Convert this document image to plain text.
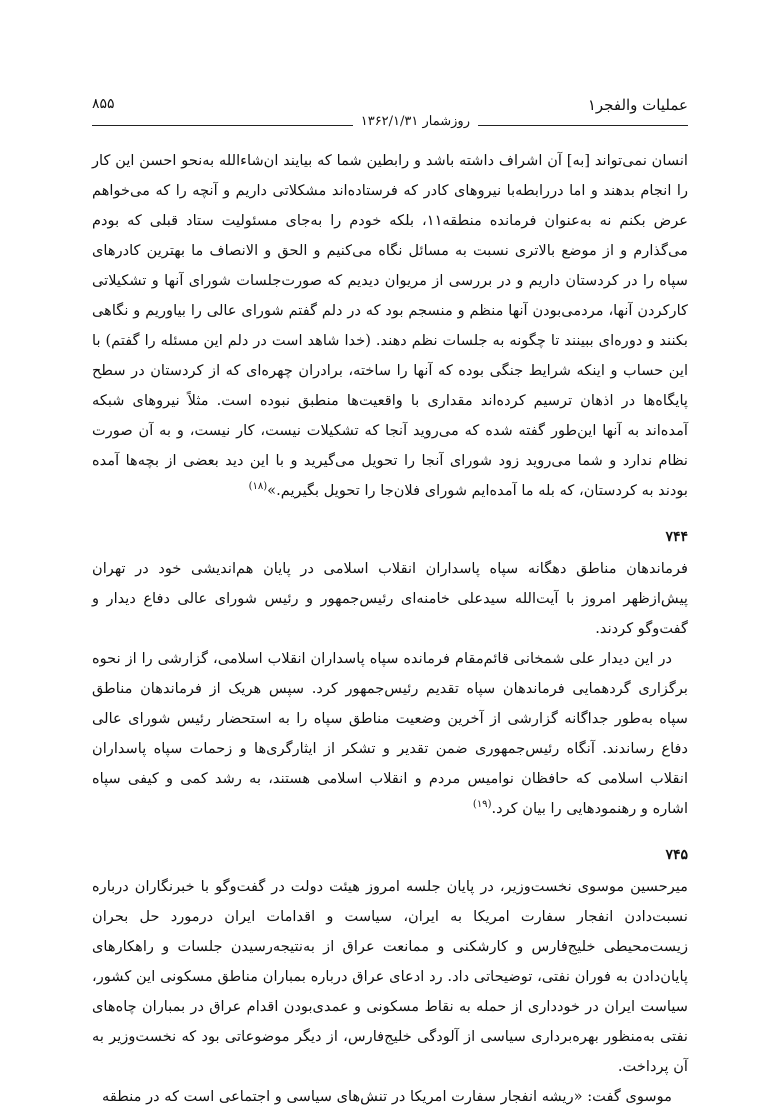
عملیات والفجر۱
۸۵۵
روزشمار ۱۳۶۲/۱/۳۱

انسان نمی‌تواند [به] آن اشراف داشته باشد و رابطین شما که بیایند ان‌شاءالله به‌نحو احسن این کار را انجام بدهند و اما دررابطه‌با نیروهای کادر که فرستاده‌اند مشکلاتی داریم و آنچه را که می‌خواهم عرض بکنم نه به‌عنوان فرمانده منطقه۱۱، بلکه خودم را به‌جای مسئولیت ستاد قبلی که بودم می‌گذارم و از موضع بالاتری نسبت به مسائل نگاه می‌کنیم و الحق و الانصاف ما بهترین کادرهای سپاه را در کردستان داریم و در بررسی از مریوان دیدیم که صورت‌جلسات شورای آنها و تشکیلاتی کارکردن آنها، مردمی‌بودن آنها منظم و منسجم بود که در دلم گفتم شورای عالی را بیاوریم و نگاهی بکنند و دوره‌ای ببینند تا چگونه به جلسات نظم دهند. (خدا شاهد است در دلم این مسئله را گفتم) با این حساب و اینکه شرایط جنگی بوده که آنها را ساخته، برادران چهره‌ای که از کردستان در سطح پایگاه‌ها در اذهان ترسیم کرده‌اند مقداری با واقعیت‌ها منطبق نبوده است. مثلاً نیروهای شبکه آمده‌اند به آنها این‌طور گفته شده که می‌روید آنجا که تشکیلات نیست، کار نیست، و به آن صورت نظام ندارد و شما می‌روید زود شورای آنجا را تحویل می‌گیرید و با این دید بعضی از بچه‌ها آمده بودند به کردستان، که بله ما آمده‌ایم شورای فلان‌جا را تحویل بگیریم.»$^{(۱۸)}$

۷۴۴

فرماندهان مناطق دهگانه سپاه پاسداران انقلاب اسلامی در پایان هم‌اندیشی خود در تهران پیش‌ازظهر امروز با آیت‌الله سیدعلی خامنه‌ای رئیس‌جمهور و رئیس شورای عالی دفاع دیدار و گفت‌وگو کردند.

در این دیدار علی شمخانی قائم‌مقام فرمانده سپاه پاسداران انقلاب اسلامی، گزارشی را از نحوه برگزاری گردهمایی فرماندهان سپاه تقدیم رئیس‌جمهور کرد. سپس هریک از فرماندهان مناطق سپاه به‌طور جداگانه گزارشی از آخرین وضعیت مناطق سپاه را به استحضار رئیس شورای عالی دفاع رساندند. آنگاه رئیس‌جمهوری ضمن تقدیر و تشکر از ایثارگری‌ها و زحمات سپاه پاسداران انقلاب اسلامی که حافظان نوامیس مردم و انقلاب اسلامی هستند، به رشد کمی و کیفی سپاه اشاره و رهنمودهایی را بیان کرد.$^{(۱۹)}$

۷۴۵

میرحسین موسوی نخست‌وزیر، در پایان جلسه امروز هیئت دولت در گفت‌وگو با خبرنگاران درباره نسبت‌دادن انفجار سفارت امریکا به ایران، سیاست و اقدامات ایران درمورد حل بحران زیست‌محیطی خلیج‌فارس و کارشکنی و ممانعت عراق از به‌نتیجه‌رسیدن جلسات و راهکارهای پایان‌دادن به فوران نفتی، توضیحاتی داد. رد ادعای عراق درباره بمباران مناطق مسکونی این کشور، سیاست ایران در خودداری از حمله به نقاط مسکونی و عمدی‌بودن اقدام عراق در بمباران چاه‌های نفتی به‌منظور بهره‌برداری سیاسی از آلودگی خلیج‌فارس، از دیگر موضوعاتی بود که نخست‌وزیر به آن پرداخت.

موسوی گفت: «ریشه انفجار سفارت امریکا در تنش‌های سیاسی و اجتماعی است که در منطقه
